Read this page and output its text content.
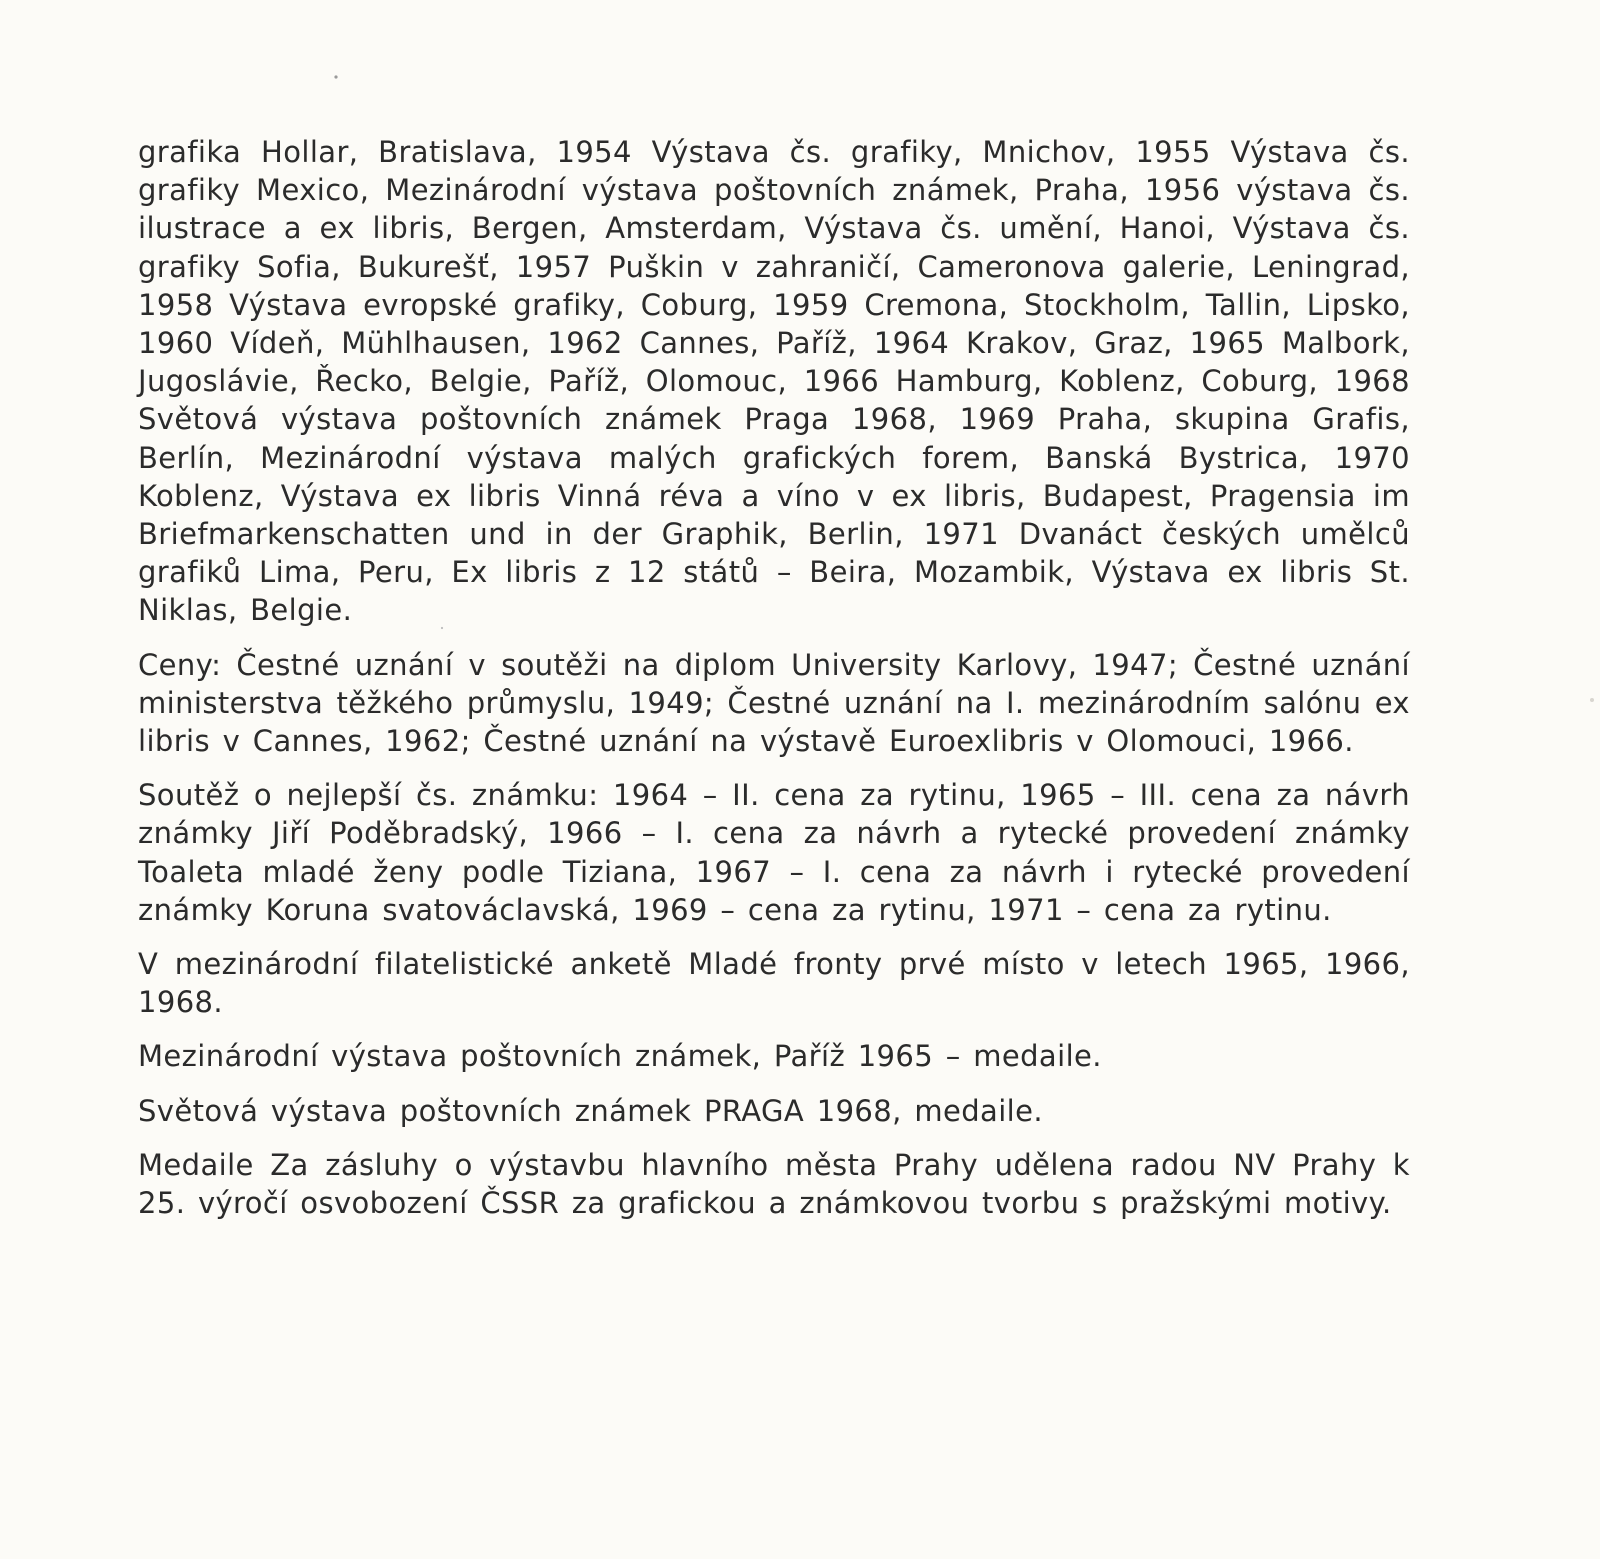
grafika Hollar, Bratislava, 1954 Výstava čs. grafiky, Mnichov, 1955 Výstava čs. grafiky Mexico, Mezinárodní výstava poštovních známek, Praha, 1956 výstava čs. ilustrace a ex libris, Bergen, Amsterdam, Výstava čs. umění, Hanoi, Výstava čs. grafiky Sofia, Bukurešť, 1957 Puškin v zahraničí, Cameronova galerie, Leningrad, 1958 Výstava evropské grafiky, Coburg, 1959 Cremona, Stockholm, Tallin, Lipsko, 1960 Vídeň, Mühlhausen, 1962 Cannes, Paříž, 1964 Krakov, Graz, 1965 Malbork, Jugoslávie, Řecko, Belgie, Paříž, Olomouc, 1966 Hamburg, Koblenz, Coburg, 1968 Světová výstava poštovních známek Praga 1968, 1969 Praha, skupina Grafis, Berlín, Mezinárodní výstava malých grafických forem, Banská Bystrica, 1970 Koblenz, Výstava ex libris Vinná réva a víno v ex libris, Budapest, Pragensia im Briefmarkenschatten und in der Graphik, Berlin, 1971 Dvanáct českých umělců grafiků Lima, Peru, Ex libris z 12 států – Beira, Mozambik, Výstava ex libris St. Niklas, Belgie.

Ceny: Čestné uznání v soutěži na diplom University Karlovy, 1947; Čestné uznání ministerstva těžkého průmyslu, 1949; Čestné uznání na I. mezinárodním salónu ex libris v Cannes, 1962; Čestné uznání na výstavě Euroexlibris v Olomouci, 1966.

Soutěž o nejlepší čs. známku: 1964 – II. cena za rytinu, 1965 – III. cena za návrh známky Jiří Poděbradský, 1966 – I. cena za návrh a rytecké provedení známky Toaleta mladé ženy podle Tiziana, 1967 – I. cena za návrh i rytecké provedení známky Koruna svatováclavská, 1969 – cena za rytinu, 1971 – cena za rytinu.

V mezinárodní filatelistické anketě Mladé fronty prvé místo v letech 1965, 1966, 1968.

Mezinárodní výstava poštovních známek, Paříž 1965 – medaile.

Světová výstava poštovních známek PRAGA 1968, medaile.

Medaile Za zásluhy o výstavbu hlavního města Prahy udělena radou NV Prahy k 25. výročí osvobození ČSSR za grafickou a známkovou tvorbu s pražskými motivy.
